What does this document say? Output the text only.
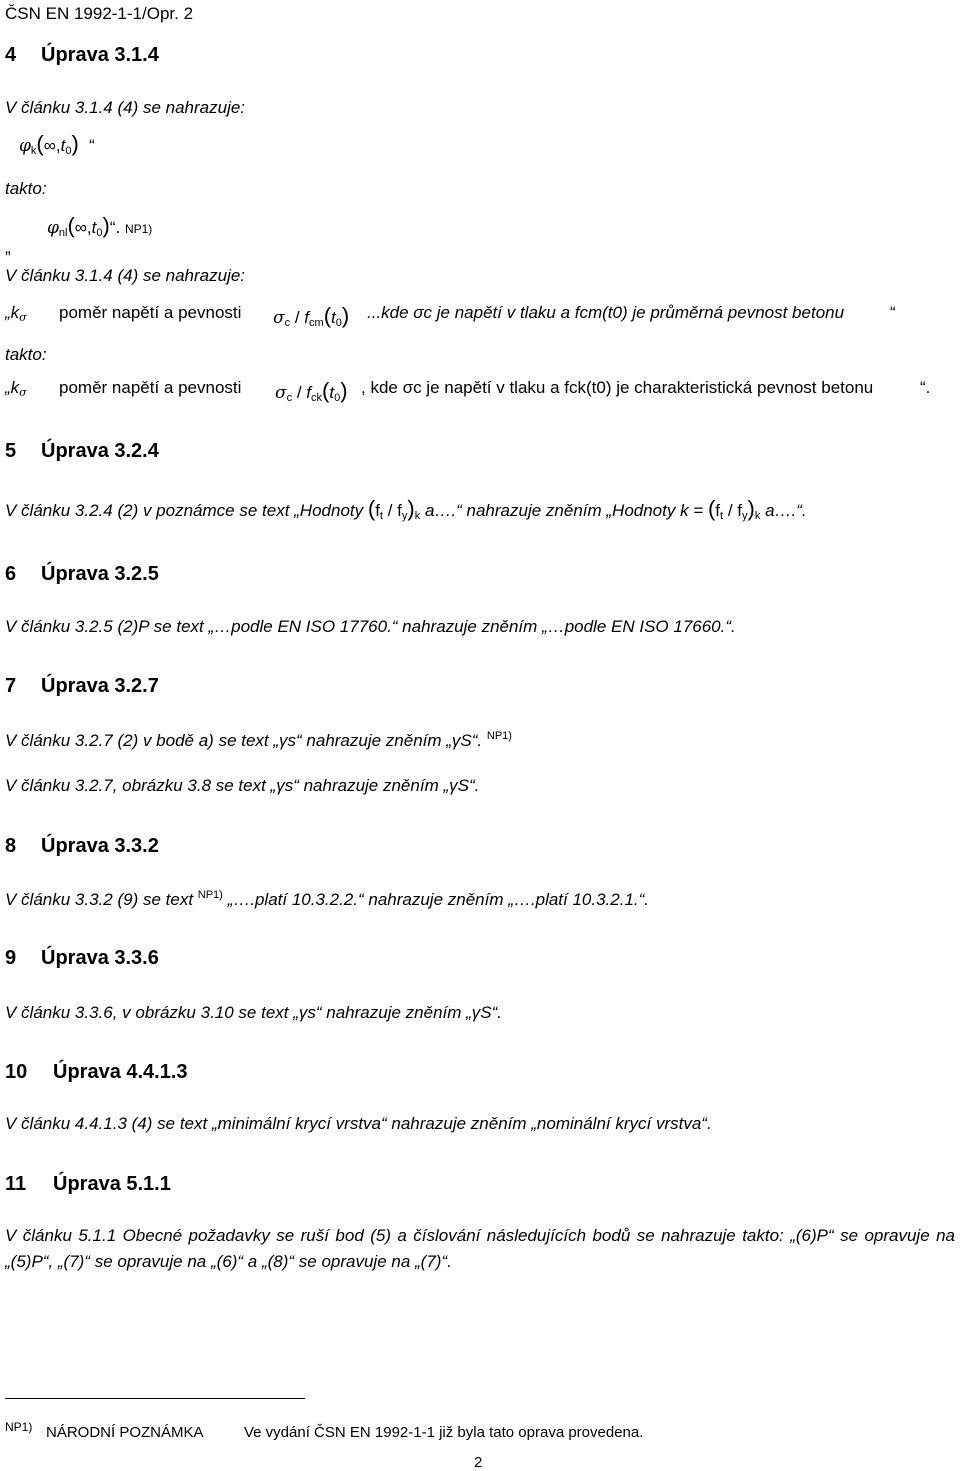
ČSN EN 1992-1-1/Opr. 2
4 Úprava 3.1.4
V článku 3.1.4 (4) se nahrazuje:
$\varphi_k(\infty,t_0)$ “
takto:
$\varphi_{nl}(\infty,t_0)“$. NP1)
„
V článku 3.1.4 (4) se nahrazuje:
$„k_\sigma$ poměr napětí a pevnosti $\sigma_c / f_{cm}(t_0)$ ...kde σc je napětí v tlaku a fcm(t0) je průměrná pevnost betonu	“
takto:
$„k_\sigma$ poměr napětí a pevnosti $\sigma_c / f_{ck}(t_0)$ , kde σc je napětí v tlaku a fck(t0) je charakteristická pevnost betonu	“.
5 Úprava 3.2.4
V článku 3.2.4 (2) v poznámce se text „Hodnoty $(f_t / f_y)_k$ a….“ nahrazuje zněním „Hodnoty $k = (f_t / f_y)_k$ a….“.
6 Úprava 3.2.5
V článku 3.2.5 (2)P se text „…podle EN ISO 17760.“ nahrazuje zněním „…podle EN ISO 17660.“.
7 Úprava 3.2.7
V článku 3.2.7 (2) v bodě a) se text „γs“ nahrazuje zněním „γS“. $^{NP1)}$
V článku 3.2.7, obrázku 3.8 se text „γs“ nahrazuje zněním „γS“.
8 Úprava 3.3.2
V článku 3.3.2 (9) se text $^{NP1)}$ „….platí 10.3.2.2.“ nahrazuje zněním „….platí 10.3.2.1.“.
9 Úprava 3.3.6
V článku 3.3.6, v obrázku 3.10 se text „γs“ nahrazuje zněním „γS“.
10 Úprava 4.4.1.3
V článku 4.4.1.3 (4) se text „minimální krycí vrstva“ nahrazuje zněním „nominální krycí vrstva“.
11 Úprava 5.1.1
V článku 5.1.1 Obecné požadavky se ruší bod (5) a číslování následujících bodů se nahrazuje takto: „(6)P“ se opravuje na „(5)P“, „(7)“ se opravuje na „(6)“ a „(8)“ se opravuje na „(7)“.
NP1) NÁRODNÍ POZNÁMKA	Ve vydání ČSN EN 1992-1-1 již byla tato oprava provedena.
2
